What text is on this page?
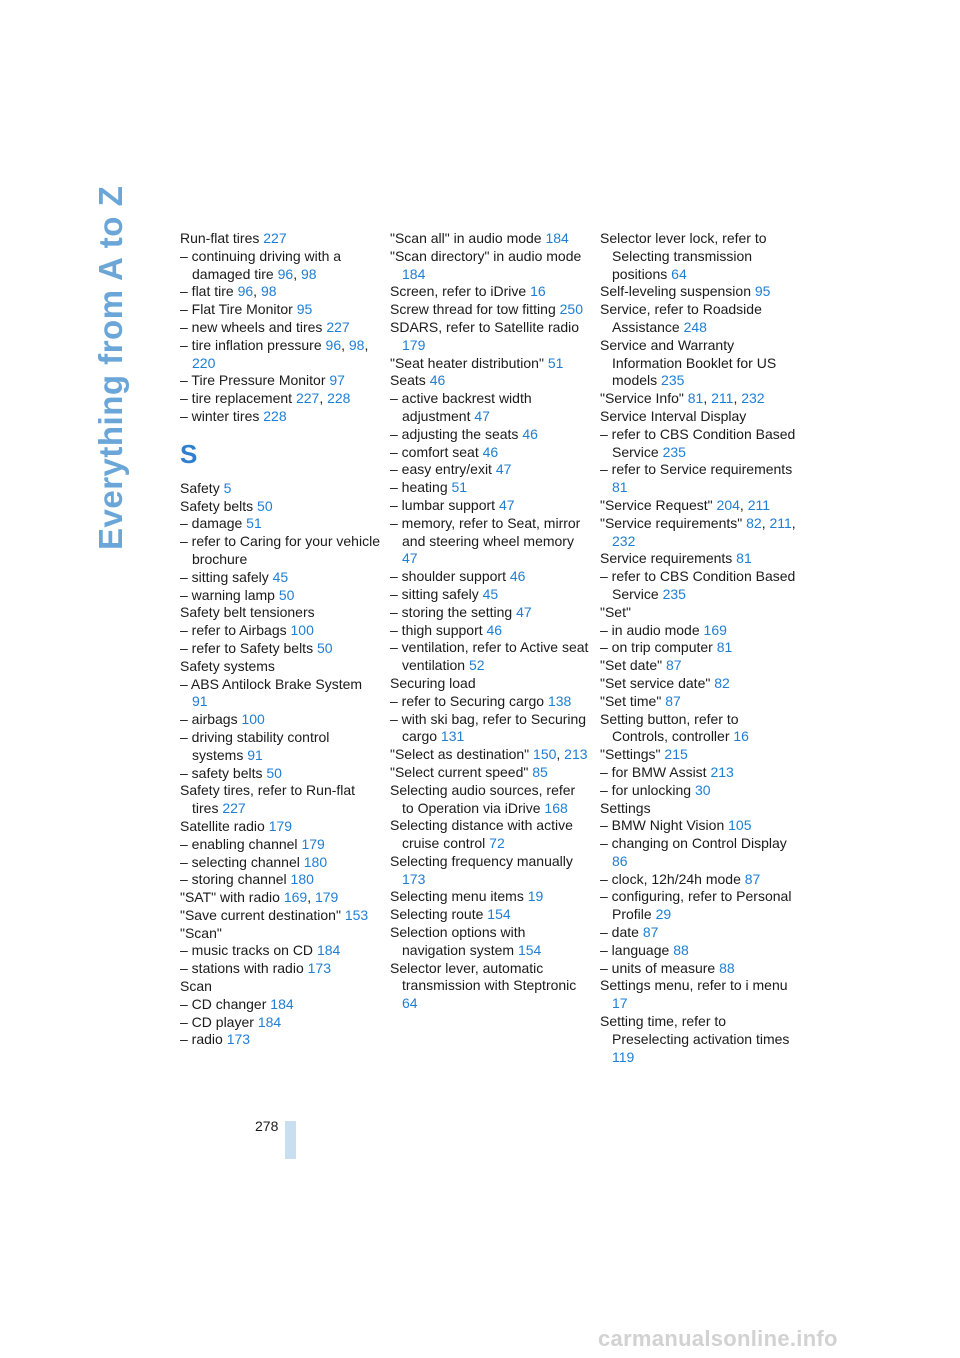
Everything from A to Z	Run-flat tires 227
– continuing driving with a damaged tire 96, 98
– flat tire 96, 98
– Flat Tire Monitor 95
– new wheels and tires 227
– tire inflation pressure 96, 98, 220
– Tire Pressure Monitor 97
– tire replacement 227, 228
– winter tires 228
S
Safety 5
Safety belts 50
– damage 51
– refer to Caring for your vehicle brochure
– sitting safely 45
– warning lamp 50
Safety belt tensioners
– refer to Airbags 100
– refer to Safety belts 50
Safety systems
– ABS Antilock Brake System 91
– airbags 100
– driving stability control systems 91
– safety belts 50
Safety tires, refer to Run-flat tires 227
Satellite radio 179
– enabling channel 179
– selecting channel 180
– storing channel 180
"SAT" with radio 169, 179
"Save current destination" 153
"Scan"
– music tracks on CD 184
– stations with radio 173
Scan
– CD changer 184
– CD player 184
– radio 173
"Scan all" in audio mode 184
"Scan directory" in audio mode 184
Screen, refer to iDrive 16
Screw thread for tow fitting 250
SDARS, refer to Satellite radio 179
"Seat heater distribution" 51
Seats 46
– active backrest width adjustment 47
– adjusting the seats 46
– comfort seat 46
– easy entry/exit 47
– heating 51
– lumbar support 47
– memory, refer to Seat, mirror and steering wheel memory 47
– shoulder support 46
– sitting safely 45
– storing the setting 47
– thigh support 46
– ventilation, refer to Active seat ventilation 52
Securing load
– refer to Securing cargo 138
– with ski bag, refer to Securing cargo 131
"Select as destination" 150, 213
"Select current speed" 85
Selecting audio sources, refer to Operation via iDrive 168
Selecting distance with active cruise control 72
Selecting frequency manually 173
Selecting menu items 19
Selecting route 154
Selection options with navigation system 154
Selector lever, automatic transmission with Steptronic 64
Selector lever lock, refer to Selecting transmission positions 64
Self-leveling suspension 95
Service, refer to Roadside Assistance 248
Service and Warranty Information Booklet for US models 235
"Service Info" 81, 211, 232
Service Interval Display
– refer to CBS Condition Based Service 235
– refer to Service requirements 81
"Service Request" 204, 211
"Service requirements" 82, 211, 232
Service requirements 81
– refer to CBS Condition Based Service 235
"Set"
– in audio mode 169
– on trip computer 81
"Set date" 87
"Set service date" 82
"Set time" 87
Setting button, refer to Controls, controller 16
"Settings" 215
– for BMW Assist 213
– for unlocking 30
Settings
– BMW Night Vision 105
– changing on Control Display 86
– clock, 12h/24h mode 87
– configuring, refer to Personal Profile 29
– date 87
– language 88
– units of measure 88
Settings menu, refer to i menu 17
Setting time, refer to Preselecting activation times 119
278
carmanualsonline.info
